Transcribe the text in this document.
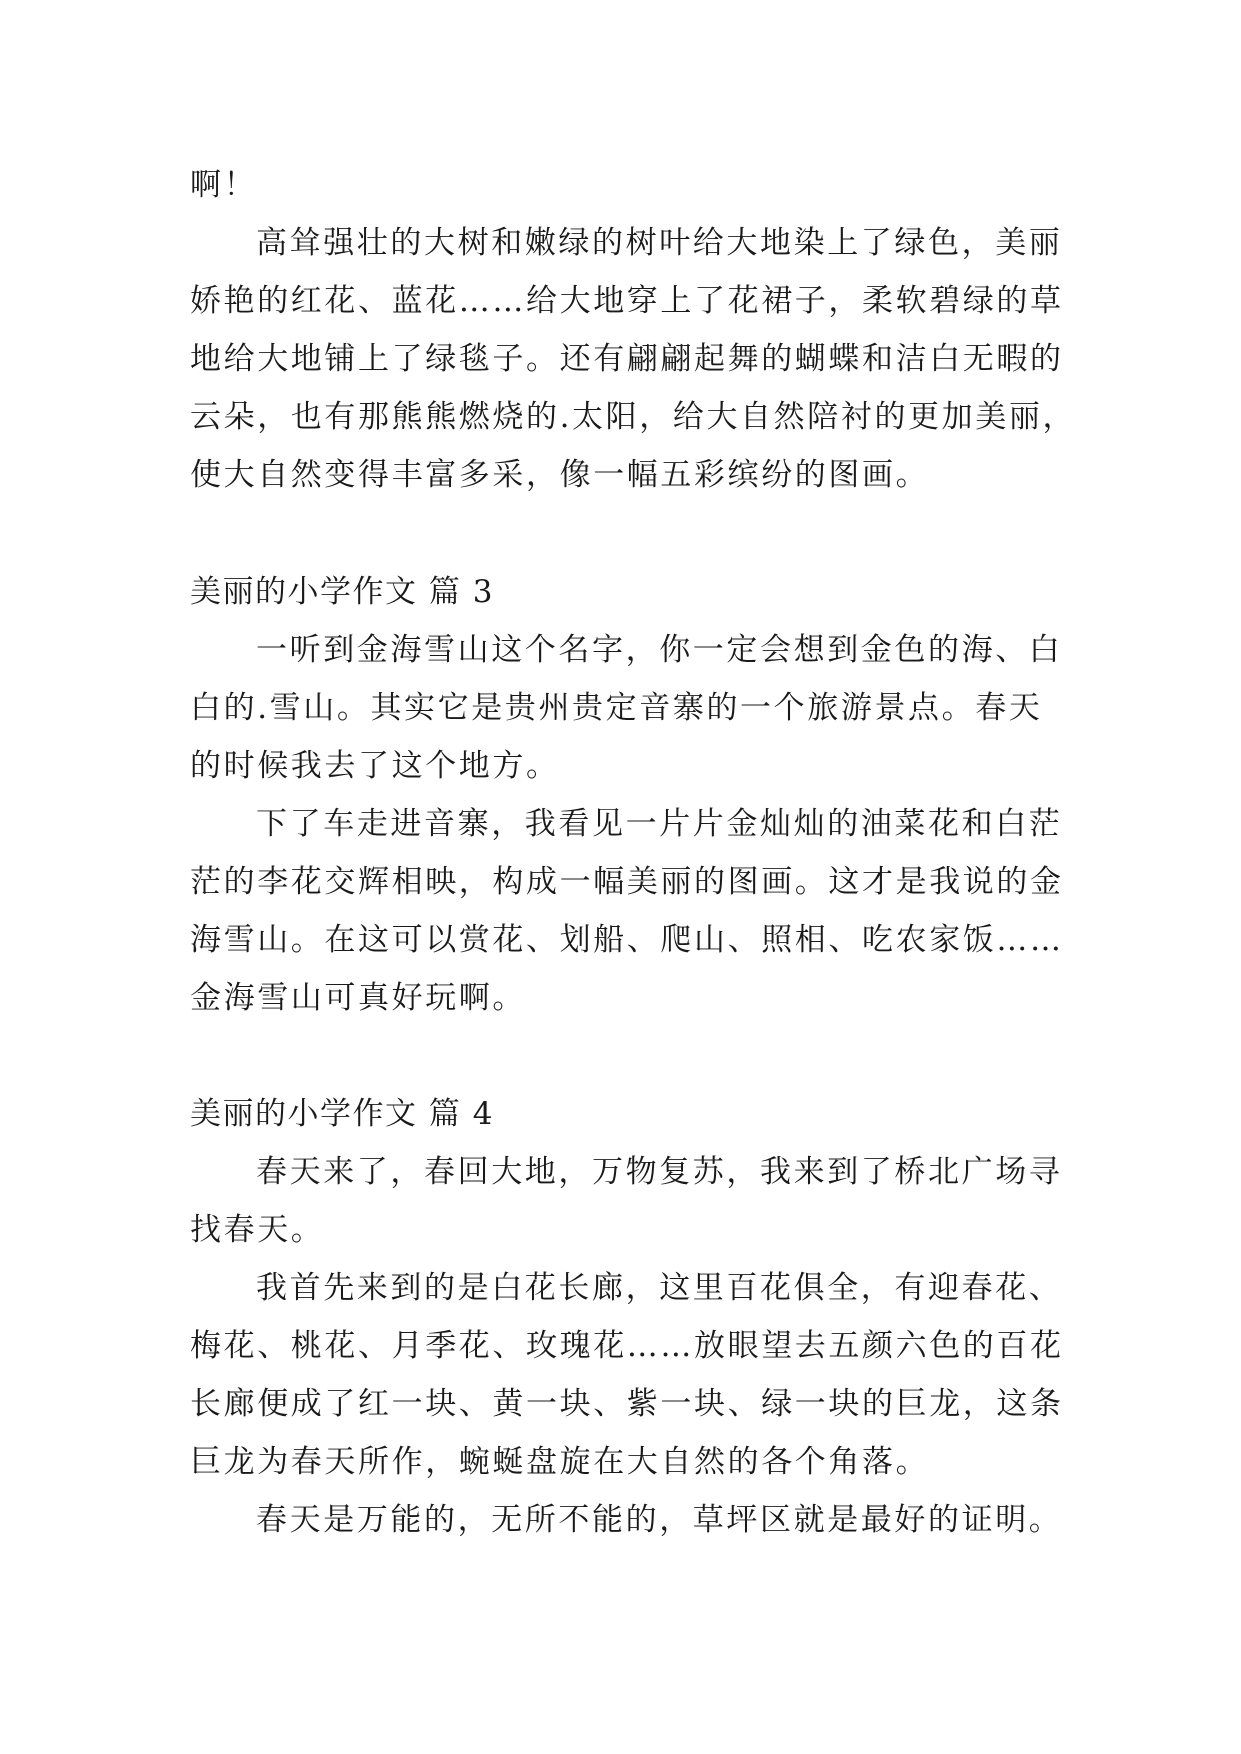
啊！
高耸强壮的大树和嫩绿的树叶给大地染上了绿色，美丽
娇艳的红花、蓝花……给大地穿上了花裙子，柔软碧绿的草
地给大地铺上了绿毯子。还有翩翩起舞的蝴蝶和洁白无暇的
云朵，也有那熊熊燃烧的.太阳，给大自然陪衬的更加美丽，
使大自然变得丰富多采，像一幅五彩缤纷的图画。
美丽的小学作文 篇 3
一听到金海雪山这个名字，你一定会想到金色的海、白
白的.雪山。其实它是贵州贵定音寨的一个旅游景点。春天
的时候我去了这个地方。
下了车走进音寨，我看见一片片金灿灿的油菜花和白茫
茫的李花交辉相映，构成一幅美丽的图画。这才是我说的金
海雪山。在这可以赏花、划船、爬山、照相、吃农家饭……
金海雪山可真好玩啊。
美丽的小学作文 篇 4
春天来了，春回大地，万物复苏，我来到了桥北广场寻
找春天。
我首先来到的是白花长廊，这里百花俱全，有迎春花、
梅花、桃花、月季花、玫瑰花……放眼望去五颜六色的百花
长廊便成了红一块、黄一块、紫一块、绿一块的巨龙，这条
巨龙为春天所作，蜿蜒盘旋在大自然的各个角落。
春天是万能的，无所不能的，草坪区就是最好的证明。
